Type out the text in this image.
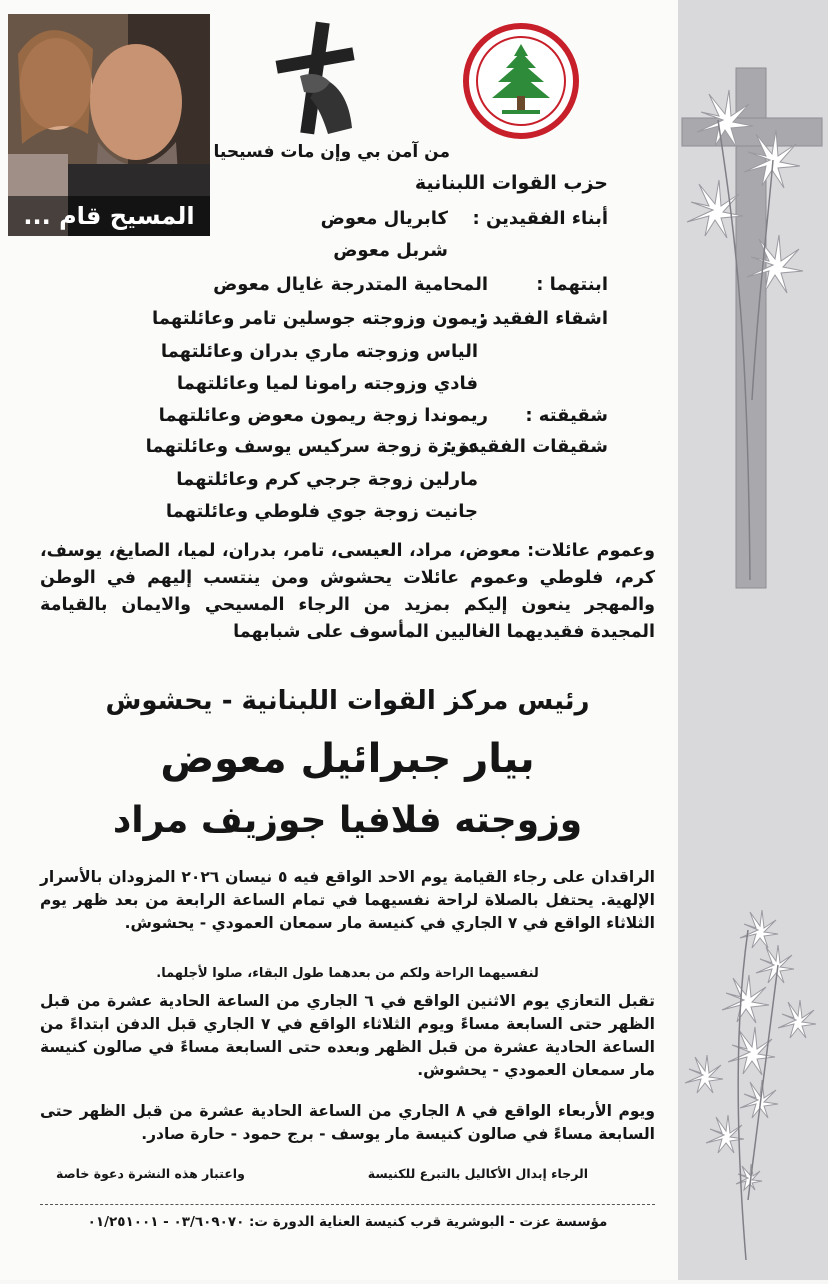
المسيح قام ...
من آمن بي وإن مات فسيحيا
حزب القوات اللبنانية
أبناء الفقيدين :
كابريال معوض
شربل معوض
ابنتهما :
المحامية المتدرجة غايال معوض
اشقاء الفقيد :
ريمون وزوجته جوسلين تامر وعائلتهما
الياس وزوجته ماري بدران وعائلتهما
فادي وزوجته رامونا لميا وعائلتهما
شقيقته :
ريموندا زوجة ريمون معوض وعائلتهما
شقيقات الفقيدة :
عزيزة زوجة سركيس يوسف وعائلتهما
مارلين زوجة جرجي كرم وعائلتهما
جانيت زوجة جوي فلوطي وعائلتهما
وعموم عائلات: معوض، مراد، العيسى، تامر، بدران، لميا، الصايغ، يوسف، كرم، فلوطي وعموم عائلات يحشوش ومن ينتسب إليهم في الوطن والمهجر ينعون إليكم بمزيد من الرجاء المسيحي والايمان بالقيامة المجيدة فقيديهما الغاليين المأسوف على شبابهما
رئيس مركز القوات اللبنانية - يحشوش
بيار جبرائيل معوض
وزوجته فلافيا جوزيف مراد
الراقدان على رجاء القيامة يوم الاحد الواقع فيه ٥ نيسان ٢٠٢٦ المزودان بالأسرار الإلهية. يحتفل بالصلاة لراحة نفسيهما في تمام الساعة الرابعة من بعد ظهر يوم الثلاثاء الواقع في ٧ الجاري في كنيسة مار سمعان العمودي - يحشوش.
لنفسيهما الراحة ولكم من بعدهما طول البقاء، صلوا لأجلهما.
تقبل التعازي يوم الاثنين الواقع في ٦ الجاري من الساعة الحادية عشرة من قبل الظهر حتى السابعة مساءً ويوم الثلاثاء الواقع في ٧ الجاري قبل الدفن ابتداءً من الساعة الحادية عشرة من قبل الظهر وبعده حتى السابعة مساءً في صالون كنيسة مار سمعان العمودي - يحشوش.
ويوم الأربعاء الواقع في ٨ الجاري من الساعة الحادية عشرة من قبل الظهر حتى السابعة مساءً في صالون كنيسة مار يوسف - برج حمود - حارة صادر.
الرجاء إبدال الأكاليل بالتبرع للكنيسة
واعتبار هذه النشرة دعوة خاصة
مؤسسة عزت - البوشرية قرب كنيسة العناية الدورة ت: ٠٣/٦٠٩٠٧٠ - ٠١/٢٥١٠٠١
